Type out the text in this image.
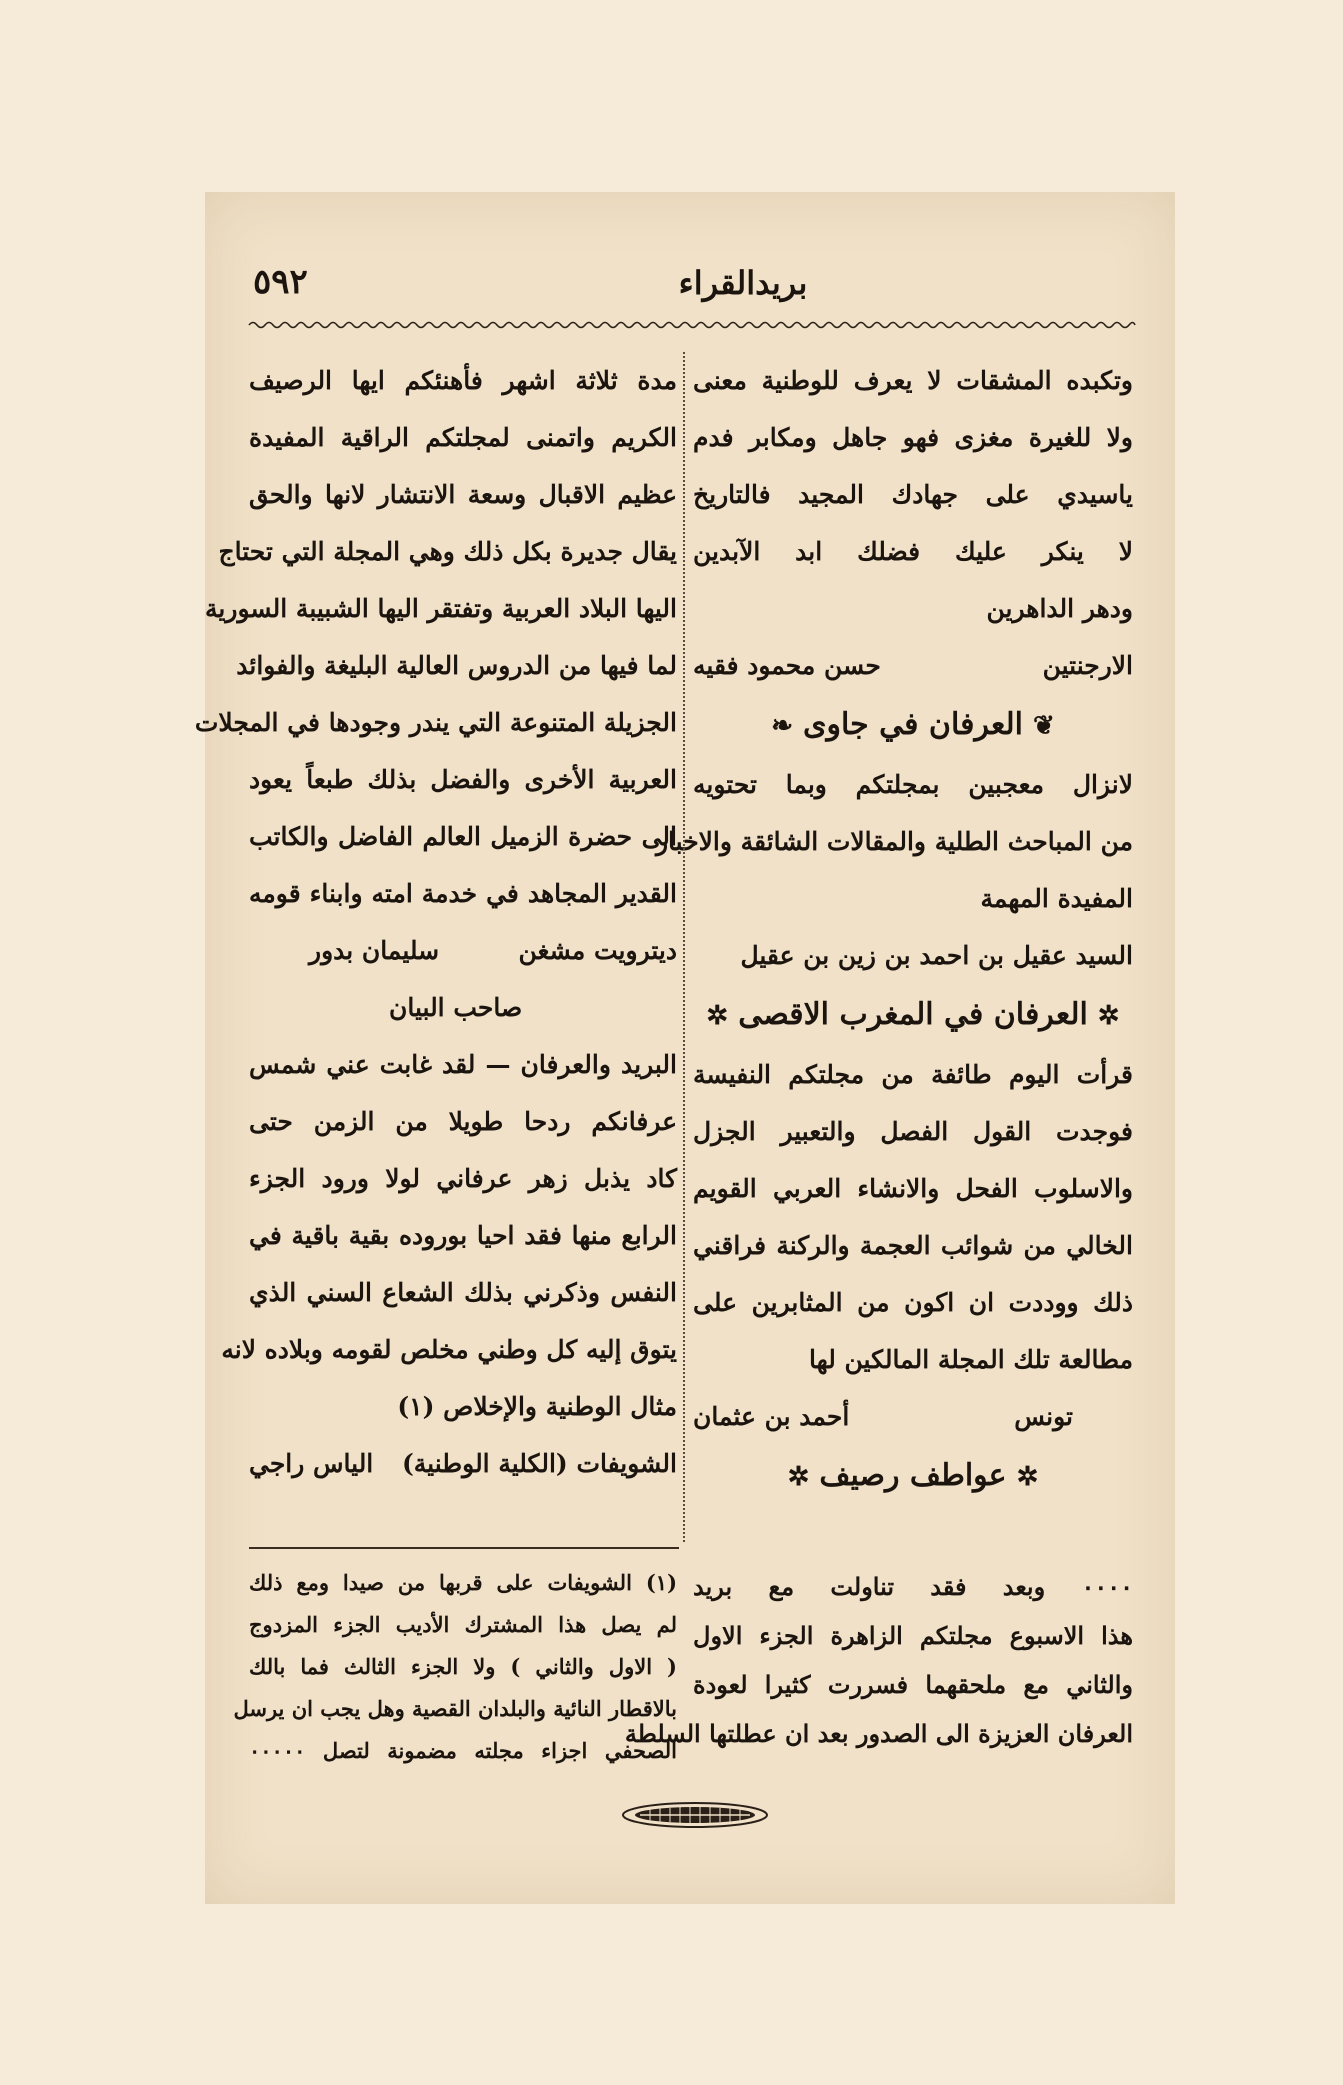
٥٩٢	بريدالقراء
وتكبده المشقات لا يعرف للوطنية معنى
ولا للغيرة مغزى فهو جاهل ومكابر فدم
ياسيدي على جهادك المجيد فالتاريخ
لا ينكر عليك فضلك ابد الآبدين
ودهر الداهرين
الارجنتين
حسن محمود فقيه
❦العرفان في جاوى❧
لانزال معجبين بمجلتكم وبما تحتويه
من المباحث الطلية والمقالات الشائقة والاخبار
المفيدة المهمة
السيد عقيل بن احمد بن زين بن عقيل
✲العرفان في المغرب الاقصى✲
قرأت اليوم طائفة من مجلتكم النفيسة
فوجدت القول الفصل والتعبير الجزل
والاسلوب الفحل والانشاء العربي القويم
الخالي من شوائب العجمة والركنة فراقني
ذلك ووددت ان اكون من المثابرين على
مطالعة تلك المجلة المالكين لها
تونس
أحمد بن عثمان
✲عواطف رصيف✲
مدة ثلاثة اشهر فأهنئكم ايها الرصيف
الكريم واتمنى لمجلتكم الراقية المفيدة
عظيم الاقبال وسعة الانتشار لانها والحق
يقال جديرة بكل ذلك وهي المجلة التي تحتاج
اليها البلاد العربية وتفتقر اليها الشبيبة السورية
لما فيها من الدروس العالية البليغة والفوائد
الجزيلة المتنوعة التي يندر وجودها في المجلات
العربية الأخرى والفضل بذلك طبعاً يعود
الى حضرة الزميل العالم الفاضل والكاتب
القدير المجاهد في خدمة امته وابناء قومه
ديترويت مشغن
سليمان بدور
صاحب البيان
البريد والعرفان — لقد غابت عني شمس
عرفانكم ردحا طويلا من الزمن حتى
كاد يذبل زهر عرفاني لولا ورود الجزء
الرابع منها فقد احيا بوروده بقية باقية في
النفس وذكرني بذلك الشعاع السني الذي
يتوق إليه كل وطني مخلص لقومه وبلاده لانه
مثال الوطنية والإخلاص (١)
الشويفات (الكلية الوطنية)
الياس راجي
(١) الشويفات على قربها من صيدا ومع ذلك
لم يصل هذا المشترك الأديب الجزء المزدوج
( الاول والثاني ) ولا الجزء الثالث فما بالك
بالاقطار النائية والبلدان القصية وهل يجب ان يرسل
الصحفي اجزاء مجلته مضمونة لتصل ٠٠٠٠٠
٠٠٠٠ وبعد فقد تناولت مع بريد
هذا الاسبوع مجلتكم الزاهرة الجزء الاول
والثاني مع ملحقهما فسررت كثيرا لعودة
العرفان العزيزة الى الصدور بعد ان عطلتها السلطة
